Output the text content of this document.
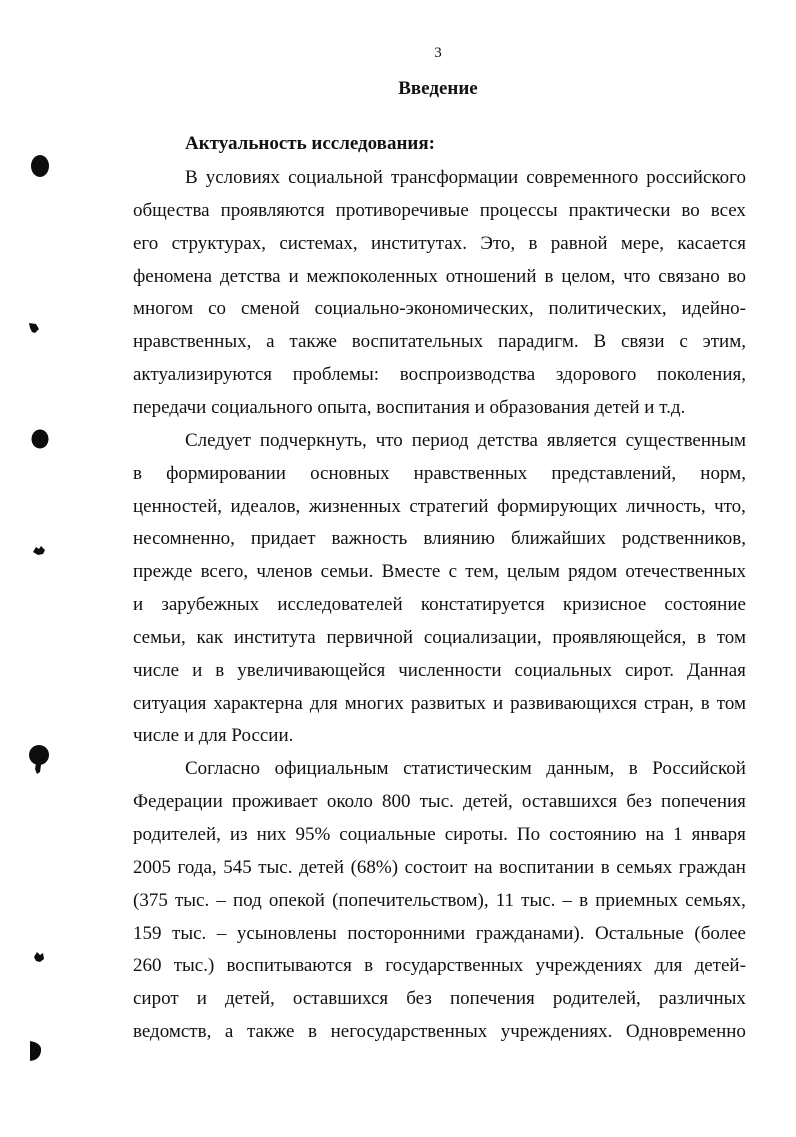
3
Введение
Актуальность исследования:
В условиях социальной трансформации современного российского
общества проявляются противоречивые процессы практически во всех
его структурах, системах, институтах. Это, в равной мере, касается
феномена детства и межпоколенных отношений в целом, что связано во
многом со сменой социально-экономических, политических, идейно-
нравственных, а также воспитательных парадигм. В связи с этим,
актуализируются проблемы: воспроизводства здорового поколения,
передачи социального опыта, воспитания и образования детей и т.д.
Следует подчеркнуть, что период детства является существенным
в формировании основных нравственных представлений, норм,
ценностей, идеалов, жизненных стратегий формирующих личность, что,
несомненно, придает важность влиянию ближайших родственников,
прежде всего, членов семьи. Вместе с тем, целым рядом отечественных
и зарубежных исследователей констатируется кризисное состояние
семьи, как института первичной социализации, проявляющейся, в том
числе и в увеличивающейся численности социальных сирот. Данная
ситуация характерна для многих развитых и развивающихся стран, в том
числе и для России.
Согласно официальным статистическим данным, в Российской
Федерации проживает около 800 тыс. детей, оставшихся без попечения
родителей, из них 95% социальные сироты. По состоянию на 1 января
2005 года, 545 тыс. детей (68%) состоит на воспитании в семьях граждан
(375 тыс. – под опекой (попечительством), 11 тыс. – в приемных семьях,
159 тыс. – усыновлены посторонними гражданами). Остальные (более
260 тыс.) воспитываются в государственных учреждениях для детей-
сирот и детей, оставшихся без попечения родителей, различных
ведомств, а также в негосударственных учреждениях. Одновременно
